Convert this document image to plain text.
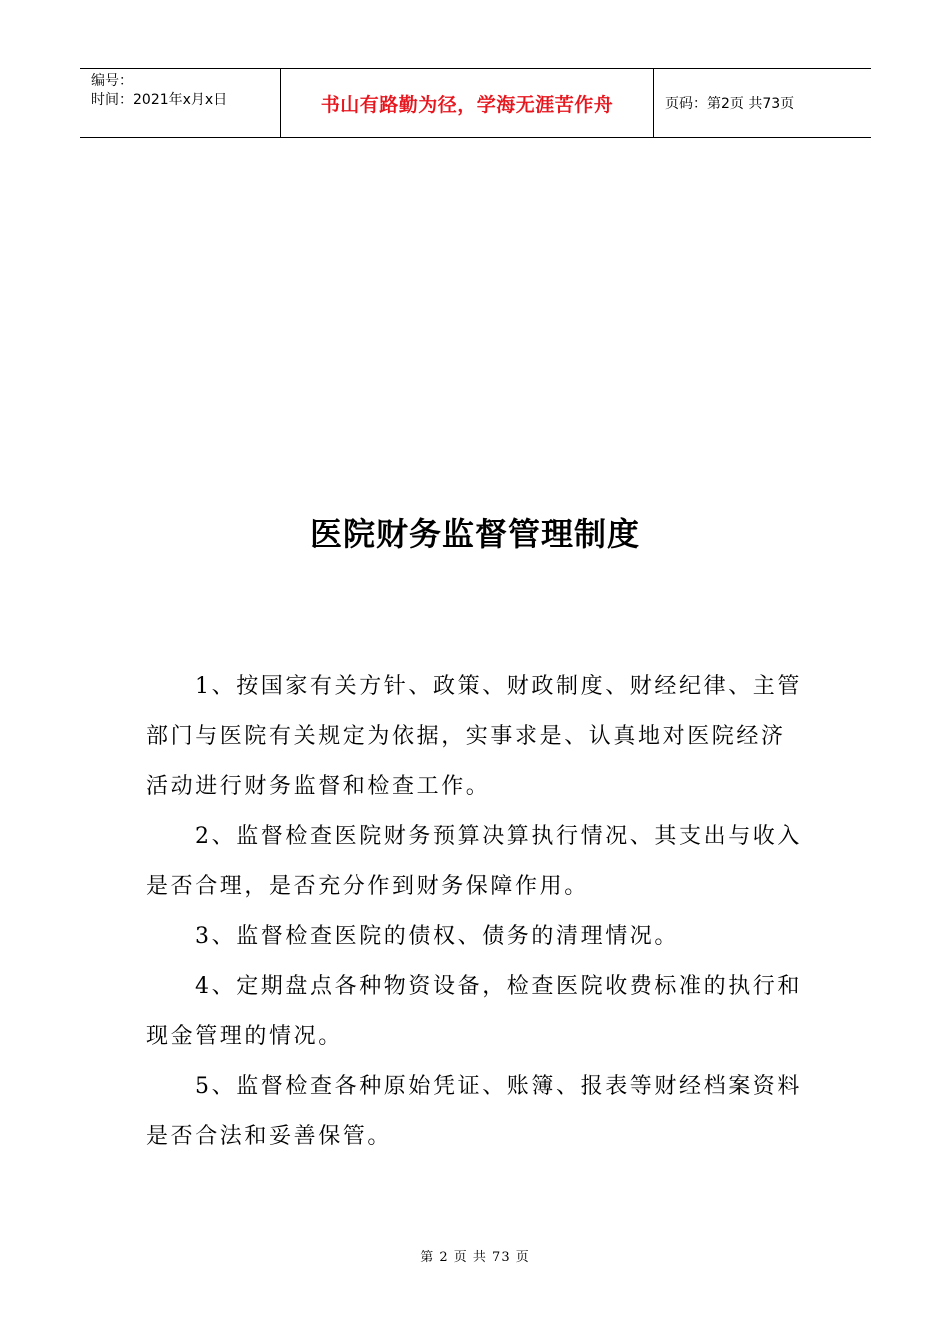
编号：
时间：2021年x月x日	书山有路勤为径，学海无涯苦作舟	页码：第2页 共73页
医院财务监督管理制度

1、按国家有关方针、政策、财政制度、财经纪律、主管部门与医院有关规定为依据，实事求是、认真地对医院经济活动进行财务监督和检查工作。

2、监督检查医院财务预算决算执行情况、其支出与收入是否合理，是否充分作到财务保障作用。

3、监督检查医院的债权、债务的清理情况。

4、定期盘点各种物资设备，检查医院收费标准的执行和现金管理的情况。

5、监督检查各种原始凭证、账簿、报表等财经档案资料是否合法和妥善保管。

第 2 页 共 73 页
